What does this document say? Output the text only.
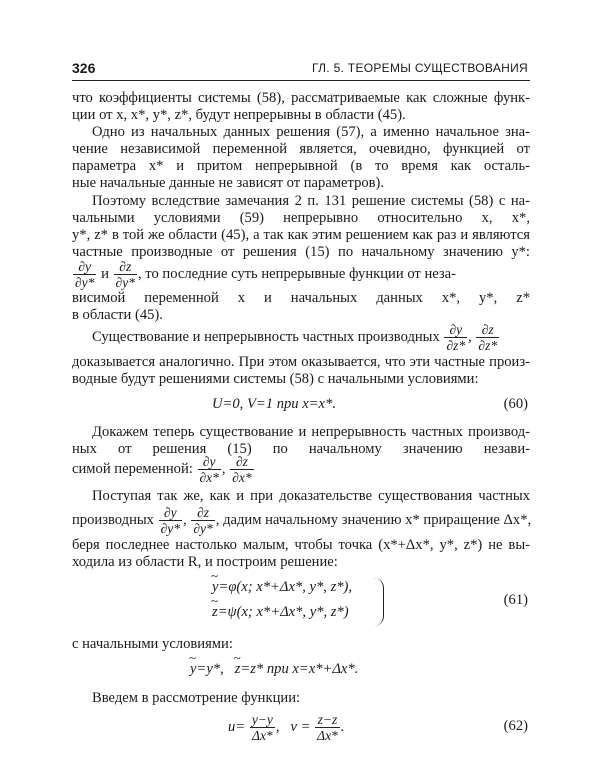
326	ГЛ. 5. ТЕОРЕМЫ СУЩЕСТВОВАНИЯ
что коэффициенты системы (58), рассматриваемые как сложные функ-
ции от x, x*, y*, z*, будут непрерывны в области (45).
Одно из начальных данных решения (57), а именно начальное зна-
чение независимой переменной является, очевидно, функцией от
параметра x* и притом непрерывной (в то время как осталь-
ные начальные данные не зависят от параметров).
Поэтому вследствие замечания 2 п. 131 решение системы (58) с на-
чальными условиями (59) непрерывно относительно x, x*,
y*, z* в той же области (45), а так как этим решением как раз и являются
частные производные от решения (15) по начальному значению y*:
$\frac{\partial y}{\partial y*}$ и $\frac{\partial z}{\partial y*}$ , то последние суть непрерывные функции от неза-
висимой переменной x и начальных данных x*, y*, z*
в области (45).
Существование и непрерывность частных производных $\frac{\partial y}{\partial z*}$ , $\frac{\partial z}{\partial z*}$
доказывается аналогично. При этом оказывается, что эти частные произ-
водные будут решениями системы (58) с начальными условиями:
U=0, V=1 при x=x*.	(60)
Докажем теперь существование и непрерывность частных производ-
ных от решения (15) по начальному значению незави-
симой переменной: $\frac{\partial y}{\partial x*}$ , $\frac{\partial z}{\partial x*}$
Поступая так же, как и при доказательстве существования частных
производных $\frac{\partial y}{\partial y*}$ , $\frac{\partial z}{\partial y*}$ , дадим начальному значению x* приращение Δx*,
беря последнее настолько малым, чтобы точка (x*+Δx*, y*, z*) не вы-
ходила из области R, и построим решение:
~ y=φ(x; x*+Δx*, y*, z*),
~ z=ψ(x; x*+Δx*, y*, z*)
(61)
с начальными условиями:
~ y=y*,   ~ z=z* при x=x*+Δx*.
Введем в рассмотрение функции:
$u= \frac{y-y}{\Delta x*}$ ,   $v = \frac{z-z}{\Delta x*}$ .	(62)
